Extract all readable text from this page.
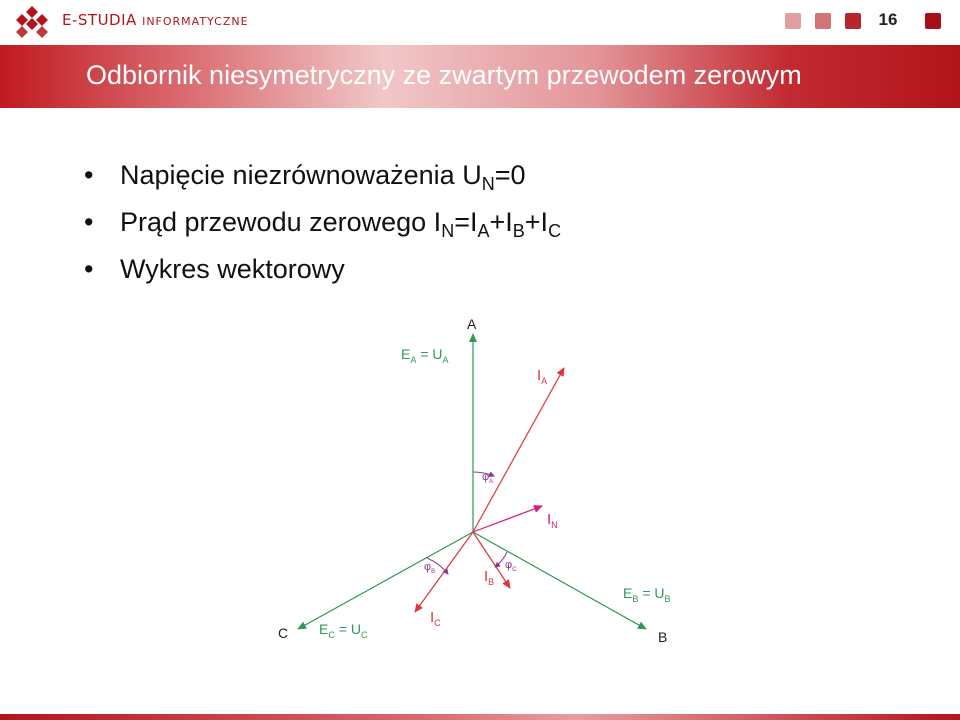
E-STUDIA INFORMATYCZNE	16
Odbiornik niesymetryczny ze zwartym przewodem zerowym
• Napięcie niezrównoważenia $U_N=0$
• Prąd przewodu zerowego $I_N=I_A+I_B+I_C$
• Wykres wektorowy
A
B
C
$E_A = U_A$
$E_B = U_B$
$E_C = U_C$
$I_A$
$I_B$
$I_C$
$I_N$
$\varphi_A$
$\varphi_B$
$\varphi_C$
